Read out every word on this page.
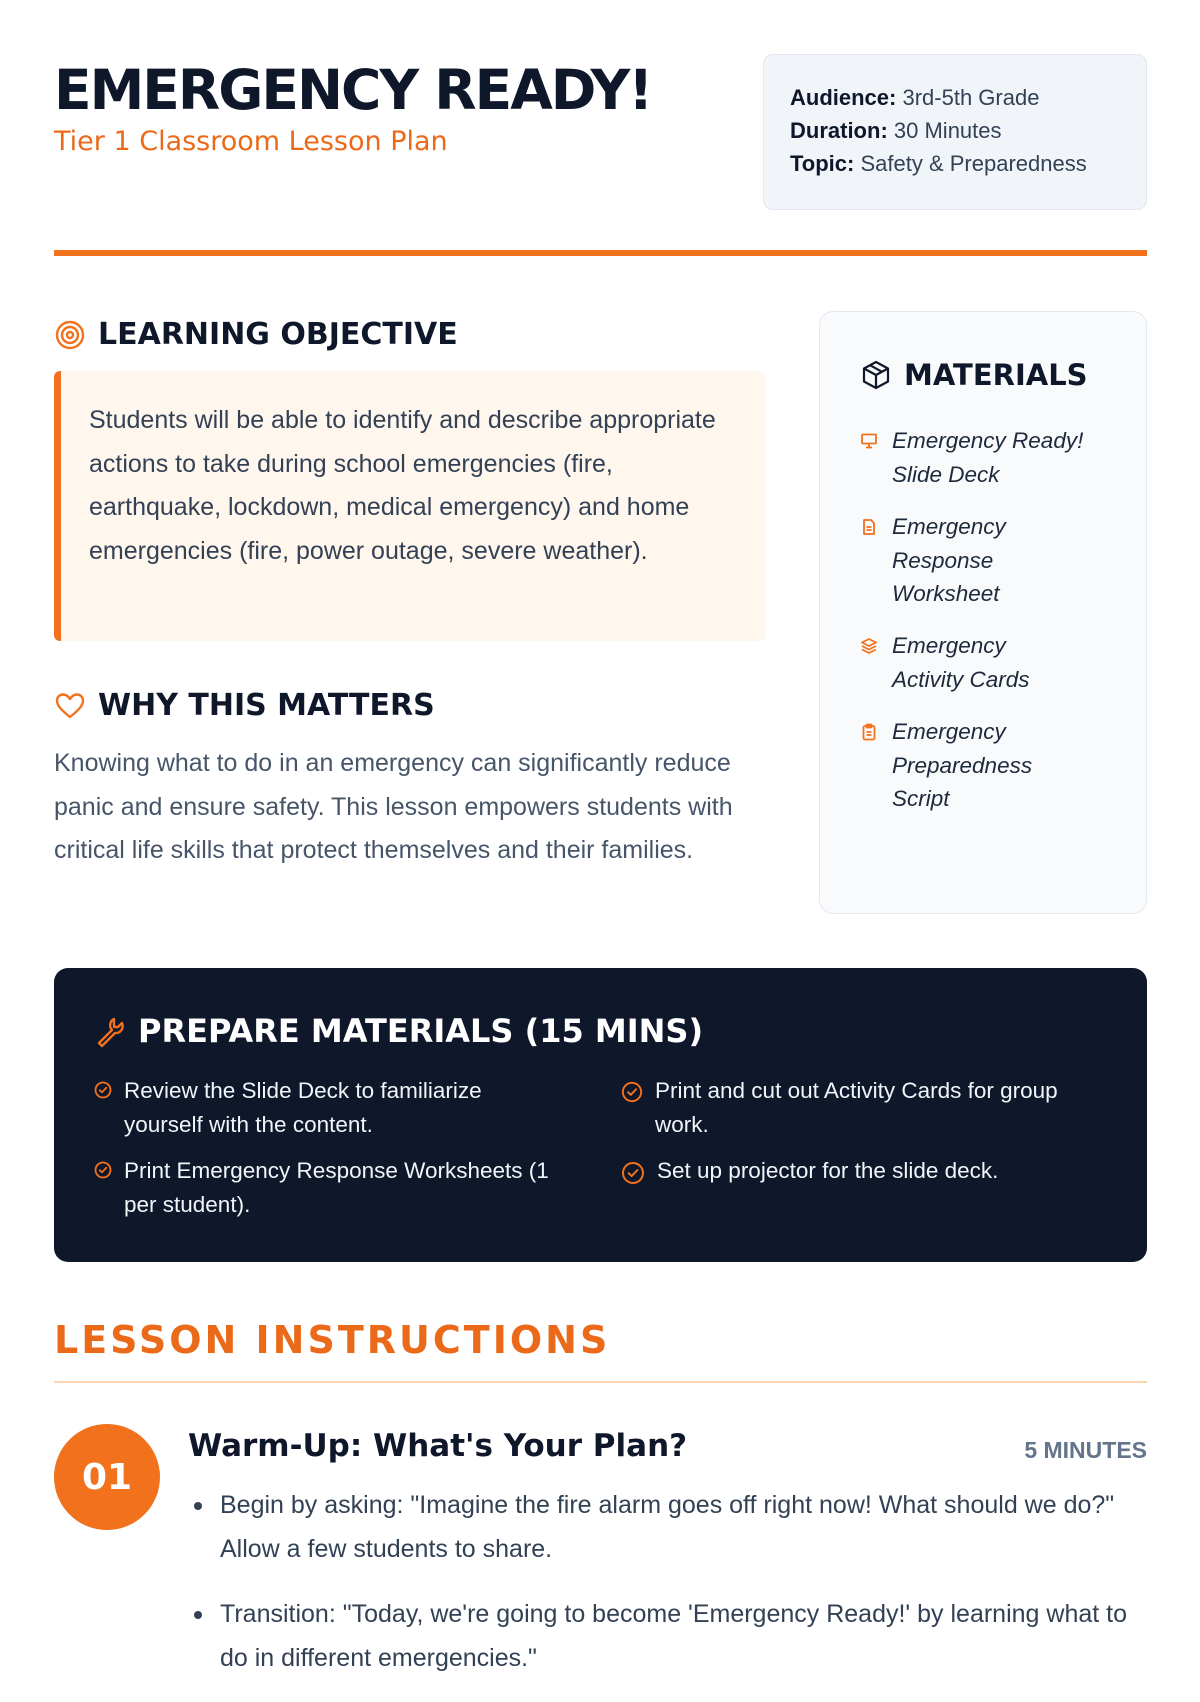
EMERGENCY READY!
Tier 1 Classroom Lesson Plan
Audience: 3rd-5th Grade
Duration: 30 Minutes
Topic: Safety & Preparedness
LEARNING OBJECTIVE
Students will be able to identify and describe appropriate actions to take during school emergencies (fire, earthquake, lockdown, medical emergency) and home emergencies (fire, power outage, severe weather).
WHY THIS MATTERS

Knowing what to do in an emergency can significantly reduce panic and ensure safety. This lesson empowers students with critical life skills that protect themselves and their families.

MATERIALS
Emergency Ready! Slide Deck
Emergency Response Worksheet
Emergency Activity Cards
Emergency Preparedness Script
PREPARE MATERIALS (15 MINS)
Review the Slide Deck to familiarize yourself with the content.
Print and cut out Activity Cards for group work.
Print Emergency Response Worksheets (1 per student).
Set up projector for the slide deck.
LESSON INSTRUCTIONS
01
Warm-Up: What's Your Plan?	5 MINUTES
Begin by asking: "Imagine the fire alarm goes off right now! What should we do?" Allow a few students to share.
Transition: "Today, we're going to become 'Emergency Ready!' by learning what to do in different emergencies."
